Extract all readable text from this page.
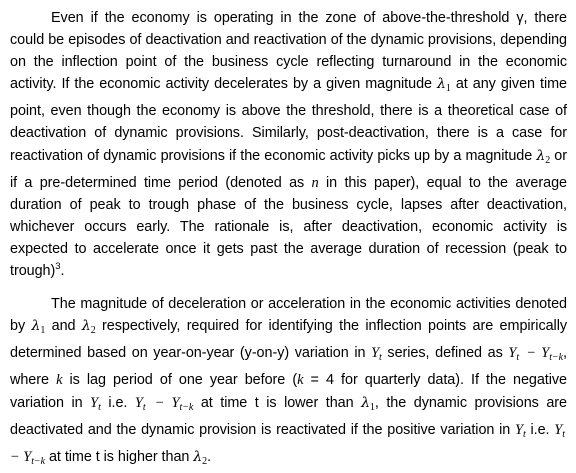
Even if the economy is operating in the zone of above-the-threshold γ, there could be episodes of deactivation and reactivation of the dynamic provisions, depending on the inflection point of the business cycle reflecting turnaround in the economic activity. If the economic activity decelerates by a given magnitude $\lambda_1$ at any given time point, even though the economy is above the threshold, there is a theoretical case of deactivation of dynamic provisions. Similarly, post-deactivation, there is a case for reactivation of dynamic provisions if the economic activity picks up by a magnitude $\lambda_2$ or if a pre-determined time period (denoted as n in this paper), equal to the average duration of peak to trough phase of the business cycle, lapses after deactivation, whichever occurs early. The rationale is, after deactivation, economic activity is expected to accelerate once it gets past the average duration of recession (peak to trough)$^3$.

The magnitude of deceleration or acceleration in the economic activities denoted by $\lambda_1$ and $\lambda_2$ respectively, required for identifying the inflection points are empirically determined based on year-on-year (y-on-y) variation in $Y_t$ series, defined as $Y_t - Y_{t-k}$, where k is lag period of one year before (k = 4 for quarterly data). If the negative variation in $Y_t$ i.e. $Y_t - Y_{t-k}$ at time t is lower than $\lambda_1$, the dynamic provisions are deactivated and the dynamic provision is reactivated if the positive variation in $Y_t$ i.e. $Y_t - Y_{t-k}$ at time t is higher than $\lambda_2$.
